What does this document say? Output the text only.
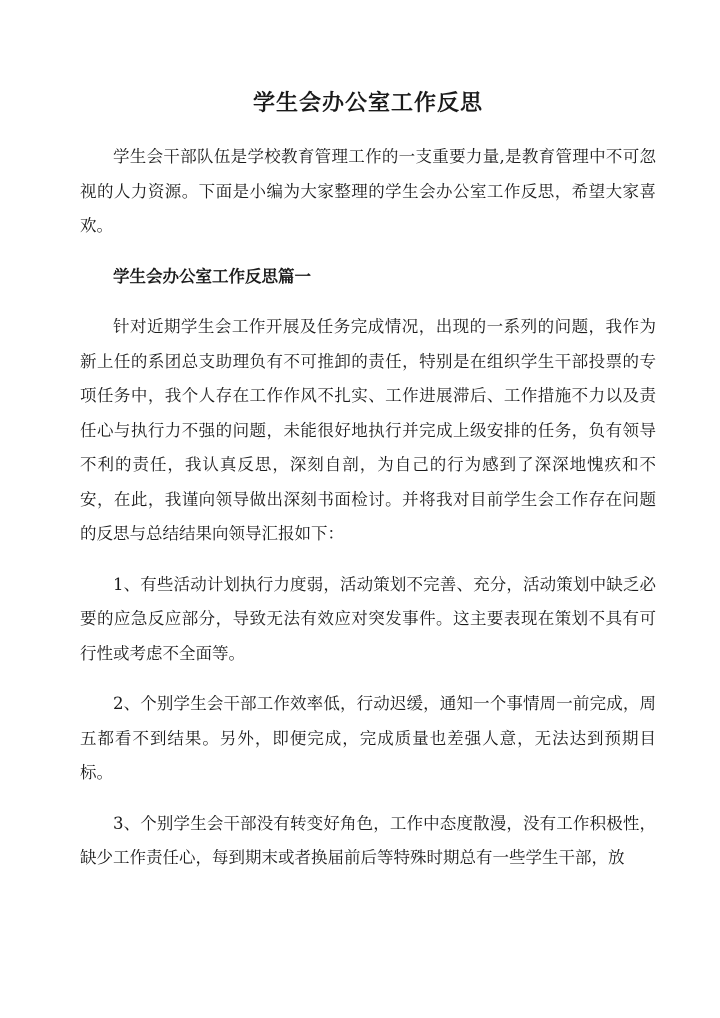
学生会办公室工作反思

学生会干部队伍是学校教育管理工作的一支重要力量,是教育管理中不可忽视的人力资源。下面是小编为大家整理的学生会办公室工作反思，希望大家喜欢。

学生会办公室工作反思篇一

针对近期学生会工作开展及任务完成情况，出现的一系列的问题，我作为新上任的系团总支助理负有不可推卸的责任，特别是在组织学生干部投票的专项任务中，我个人存在工作作风不扎实、工作进展滞后、工作措施不力以及责任心与执行力不强的问题，未能很好地执行并完成上级安排的任务，负有领导不利的责任，我认真反思，深刻自剖，为自己的行为感到了深深地愧疚和不安，在此，我谨向领导做出深刻书面检讨。并将我对目前学生会工作存在问题的反思与总结结果向领导汇报如下：

1、有些活动计划执行力度弱，活动策划不完善、充分，活动策划中缺乏必要的应急反应部分，导致无法有效应对突发事件。这主要表现在策划不具有可行性或考虑不全面等。

2、个别学生会干部工作效率低，行动迟缓，通知一个事情周一前完成，周五都看不到结果。另外，即便完成，完成质量也差强人意，无法达到预期目标。

3、个别学生会干部没有转变好角色，工作中态度散漫，没有工作积极性，缺少工作责任心，每到期末或者换届前后等特殊时期总有一些学生干部，放
